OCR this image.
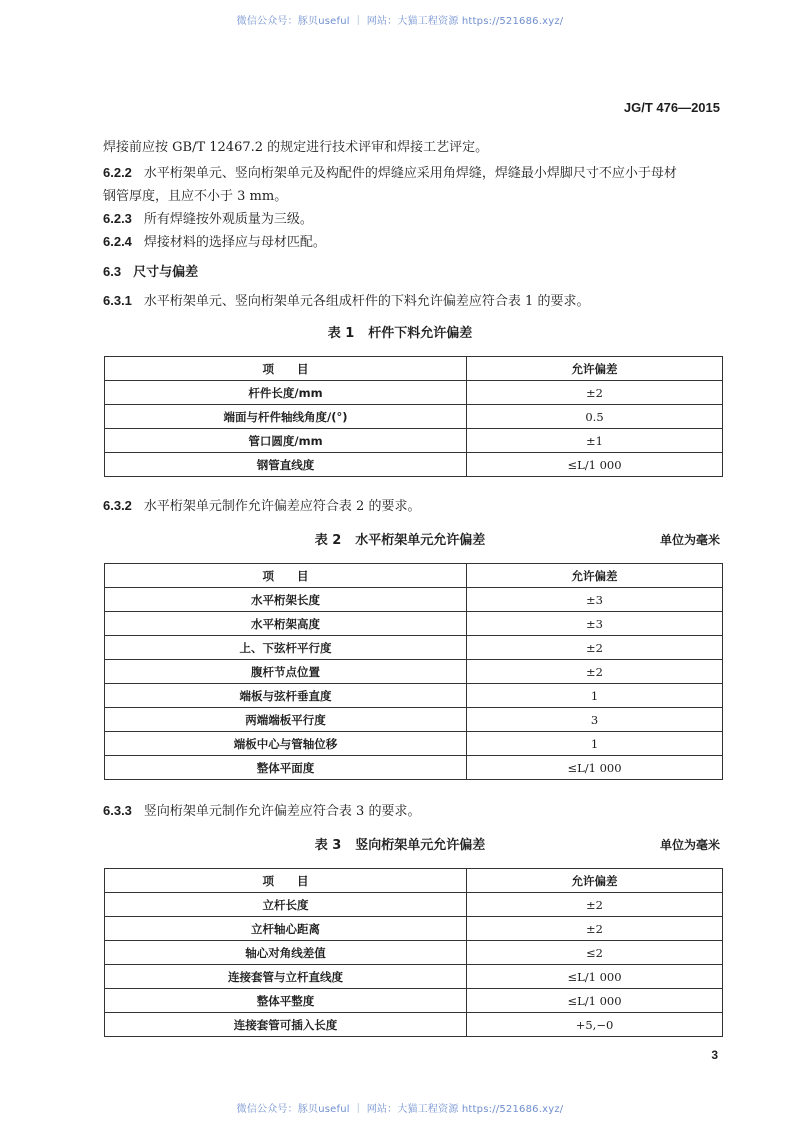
微信公众号：豚贝useful ｜ 网站：大猫工程资源 https://521686.xyz/
JG/T 476—2015
焊接前应按 GB/T 12467.2 的规定进行技术评审和焊接工艺评定。
6.2.2 水平桁架单元、竖向桁架单元及构配件的焊缝应采用角焊缝，焊缝最小焊脚尺寸不应小于母材
钢管厚度，且应不小于 3 mm。
6.2.3 所有焊缝按外观质量为三级。
6.2.4 焊接材料的选择应与母材匹配。
6.3 尺寸与偏差
6.3.1 水平桁架单元、竖向桁架单元各组成杆件的下料允许偏差应符合表 1 的要求。
表 1 杆件下料允许偏差
项　　目	允许偏差
杆件长度/mm	±2
端面与杆件轴线角度/(°)	0.5
管口圆度/mm	±1
钢管直线度	≤L/1 000
6.3.2 水平桁架单元制作允许偏差应符合表 2 的要求。
表 2 水平桁架单元允许偏差	单位为毫米
项　　目	允许偏差
水平桁架长度	±3
水平桁架高度	±3
上、下弦杆平行度	±2
腹杆节点位置	±2
端板与弦杆垂直度	1
两端端板平行度	3
端板中心与管轴位移	1
整体平面度	≤L/1 000
6.3.3 竖向桁架单元制作允许偏差应符合表 3 的要求。
表 3 竖向桁架单元允许偏差	单位为毫米
项　　目	允许偏差
立杆长度	±2
立杆轴心距离	±2
轴心对角线差值	≤2
连接套管与立杆直线度	≤L/1 000
整体平整度	≤L/1 000
连接套管可插入长度	+5,−0
3
微信公众号：豚贝useful ｜ 网站：大猫工程资源 https://521686.xyz/
